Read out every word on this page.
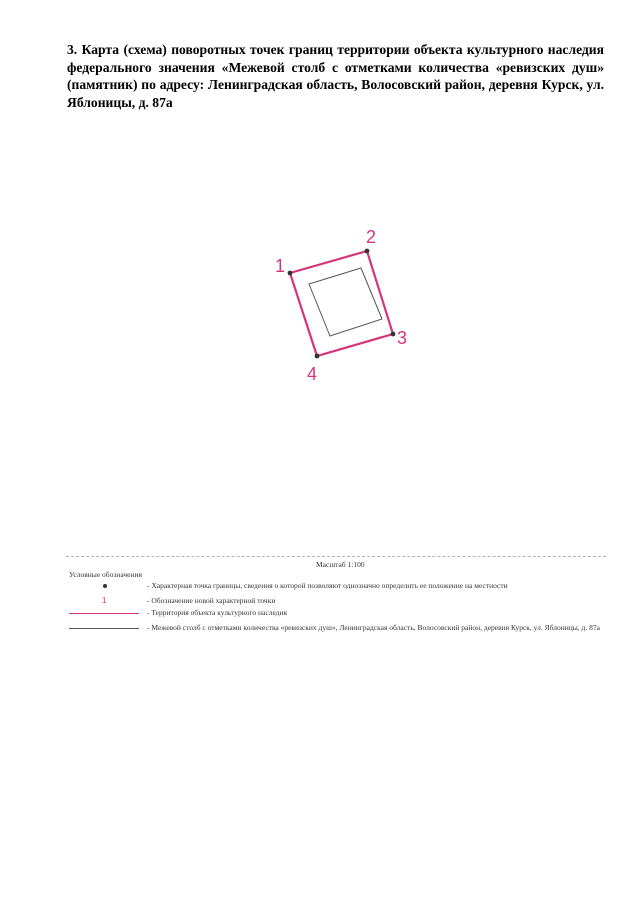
3. Карта (схема) поворотных точек границ территории объекта культурного наследия федерального значения «Межевой столб с отметками количества «ревизских душ» (памятник) по адресу: Ленинградская область, Волосовский район, деревня Курск, ул. Яблоницы, д. 87а
1
2
3
4
Масштаб 1:100
Условные обозначения
- Характерная точка границы, сведения о которой позволяют однозначно определить ее положение на местности
1	- Обозначение новой характерной точки
- Территория объекта культурного наследия
- Межевой столб с отметками количества «ревизских душ», Ленинградская область, Волосовский район, деревня Курск, ул. Яблоницы, д. 87а
